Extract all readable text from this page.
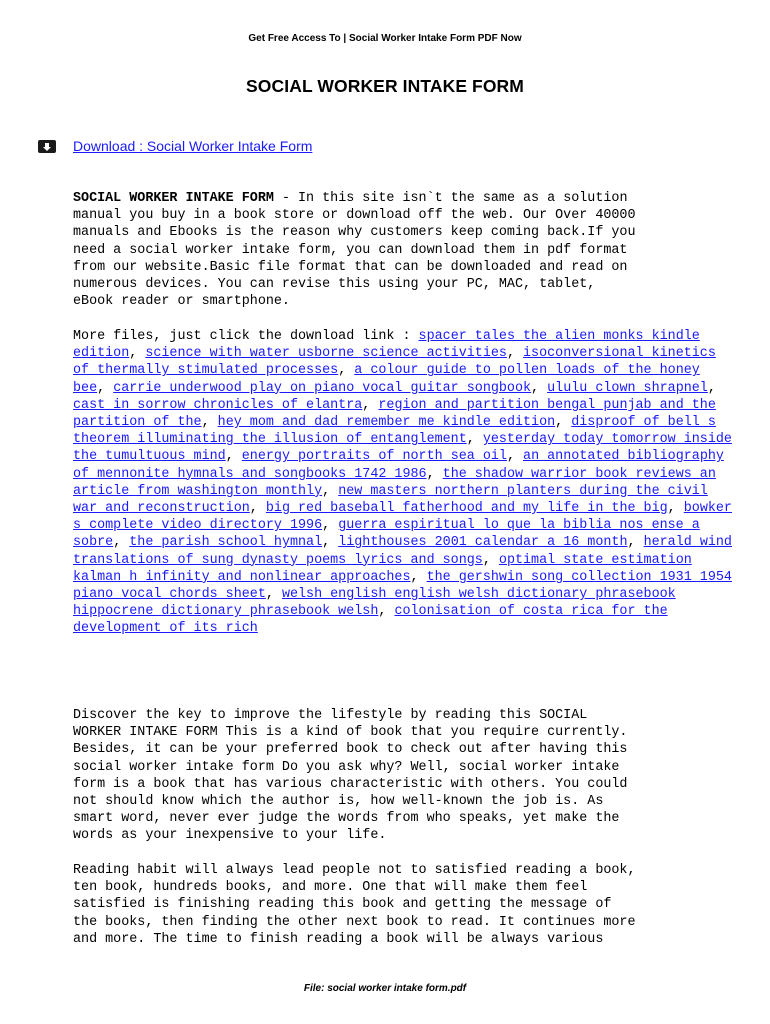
Get Free Access To | Social Worker Intake Form PDF Now
SOCIAL WORKER INTAKE FORM
Download : Social Worker Intake Form
SOCIAL WORKER INTAKE FORM - In this site isn`t the same as a solution
manual you buy in a book store or download off the web. Our Over 40000
manuals and Ebooks is the reason why customers keep coming back.If you
need a social worker intake form, you can download them in pdf format
from our website.Basic file format that can be downloaded and read on
numerous devices. You can revise this using your PC, MAC, tablet,
eBook reader or smartphone.
More files, just click the download link : spacer tales the alien monks kindle edition, science with water usborne science activities, isoconversional kinetics of thermally stimulated processes, a colour guide to pollen loads of the honey bee, carrie underwood play on piano vocal guitar songbook, ululu clown shrapnel, cast in sorrow chronicles of elantra, region and partition bengal punjab and the partition of the, hey mom and dad remember me kindle edition, disproof of bell s theorem illuminating the illusion of entanglement, yesterday today tomorrow inside the tumultuous mind, energy portraits of north sea oil, an annotated bibliography of mennonite hymnals and songbooks 1742 1986, the shadow warrior book reviews an article from washington monthly, new masters northern planters during the civil war and reconstruction, big red baseball fatherhood and my life in the big, bowker s complete video directory 1996, guerra espiritual lo que la biblia nos ense a sobre, the parish school hymnal, lighthouses 2001 calendar a 16 month, herald wind translations of sung dynasty poems lyrics and songs, optimal state estimation kalman h infinity and nonlinear approaches, the gershwin song collection 1931 1954 piano vocal chords sheet, welsh english english welsh dictionary phrasebook hippocrene dictionary phrasebook welsh, colonisation of costa rica for the development of its rich
Discover the key to improve the lifestyle by reading this SOCIAL
WORKER INTAKE FORM This is a kind of book that you require currently.
Besides, it can be your preferred book to check out after having this
social worker intake form Do you ask why? Well, social worker intake
form is a book that has various characteristic with others. You could
not should know which the author is, how well-known the job is. As
smart word, never ever judge the words from who speaks, yet make the
words as your inexpensive to your life.
Reading habit will always lead people not to satisfied reading a book,
ten book, hundreds books, and more. One that will make them feel
satisfied is finishing reading this book and getting the message of
the books, then finding the other next book to read. It continues more
and more. The time to finish reading a book will be always various
File: social worker intake form.pdf
